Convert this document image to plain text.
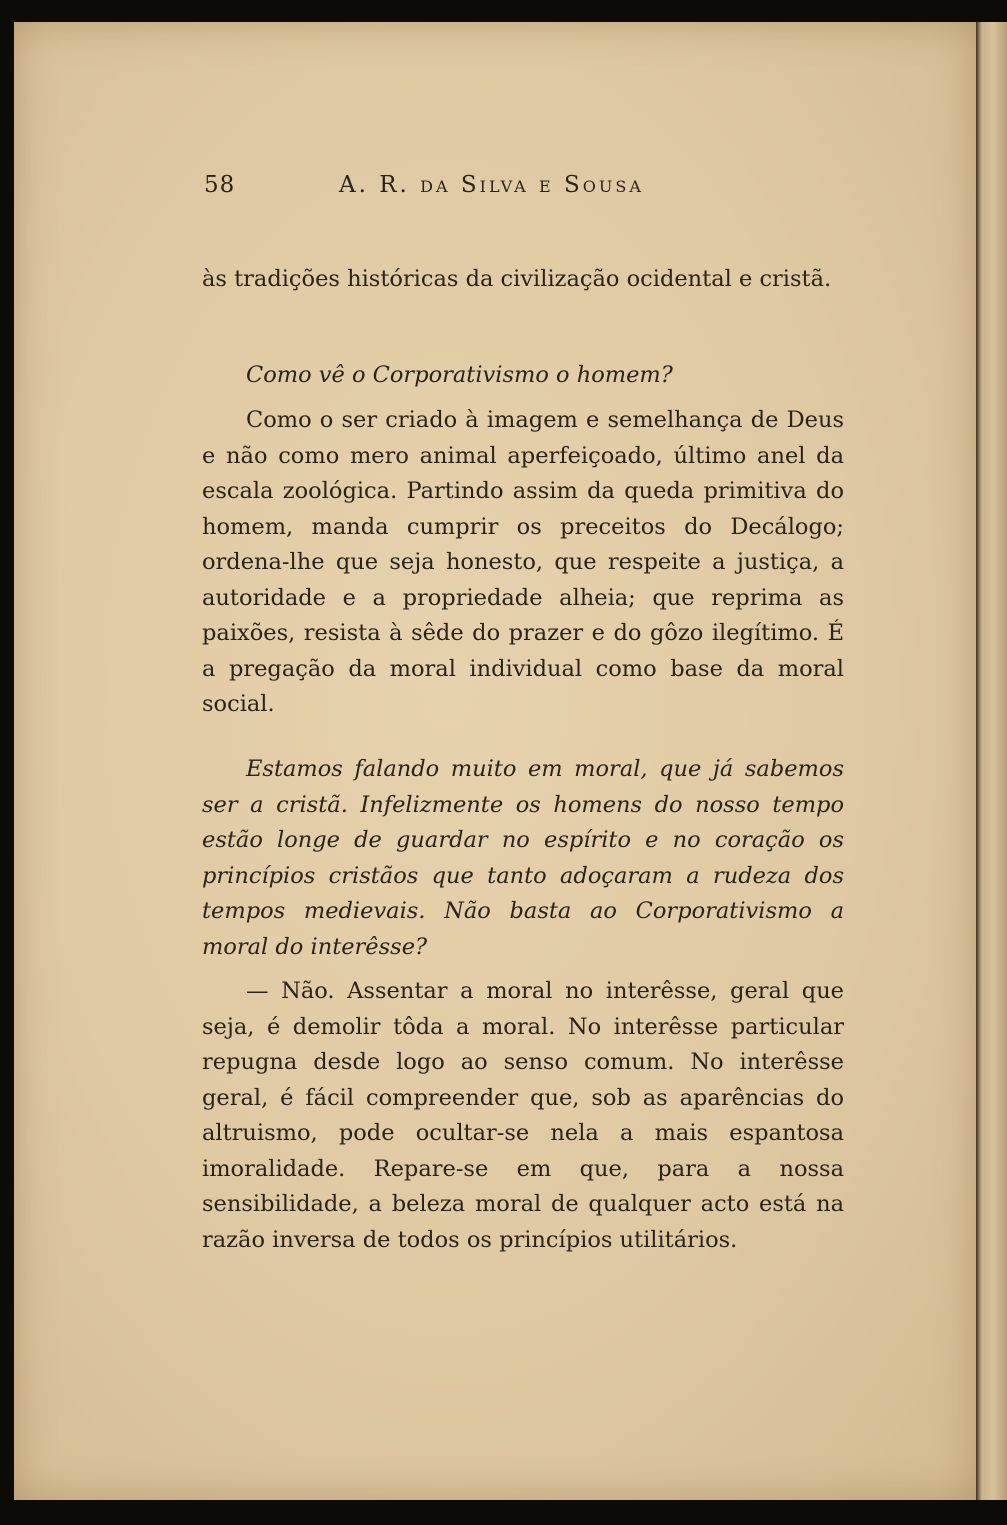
58	A. R. da Silva e Sousa

às tradições históricas da civilização ocidental e cristã.

Como vê o Corporativismo o homem?

Como o ser criado à imagem e semelhança de Deus e não como mero animal aperfeiçoado, último anel da escala zoológica. Partindo assim da queda primitiva do homem, manda cumprir os preceitos do Decálogo; ordena-lhe que seja honesto, que respeite a justiça, a autoridade e a propriedade alheia; que reprima as paixões, resista à sêde do prazer e do gôzo ilegítimo. É a pregação da moral individual como base da moral social.

Estamos falando muito em moral, que já sabemos ser a cristã. Infelizmente os homens do nosso tempo estão longe de guardar no espírito e no coração os princípios cristãos que tanto adoçaram a rudeza dos tempos medievais. Não basta ao Corporativismo a moral do interêsse?

— Não. Assentar a moral no interêsse, geral que seja, é demolir tôda a moral. No interêsse particular repugna desde logo ao senso comum. No interêsse geral, é fácil compreender que, sob as aparências do altruismo, pode ocultar-se nela a mais espantosa imoralidade. Repare-se em que, para a nossa sensibilidade, a beleza moral de qualquer acto está na razão inversa de todos os princípios utilitários.
